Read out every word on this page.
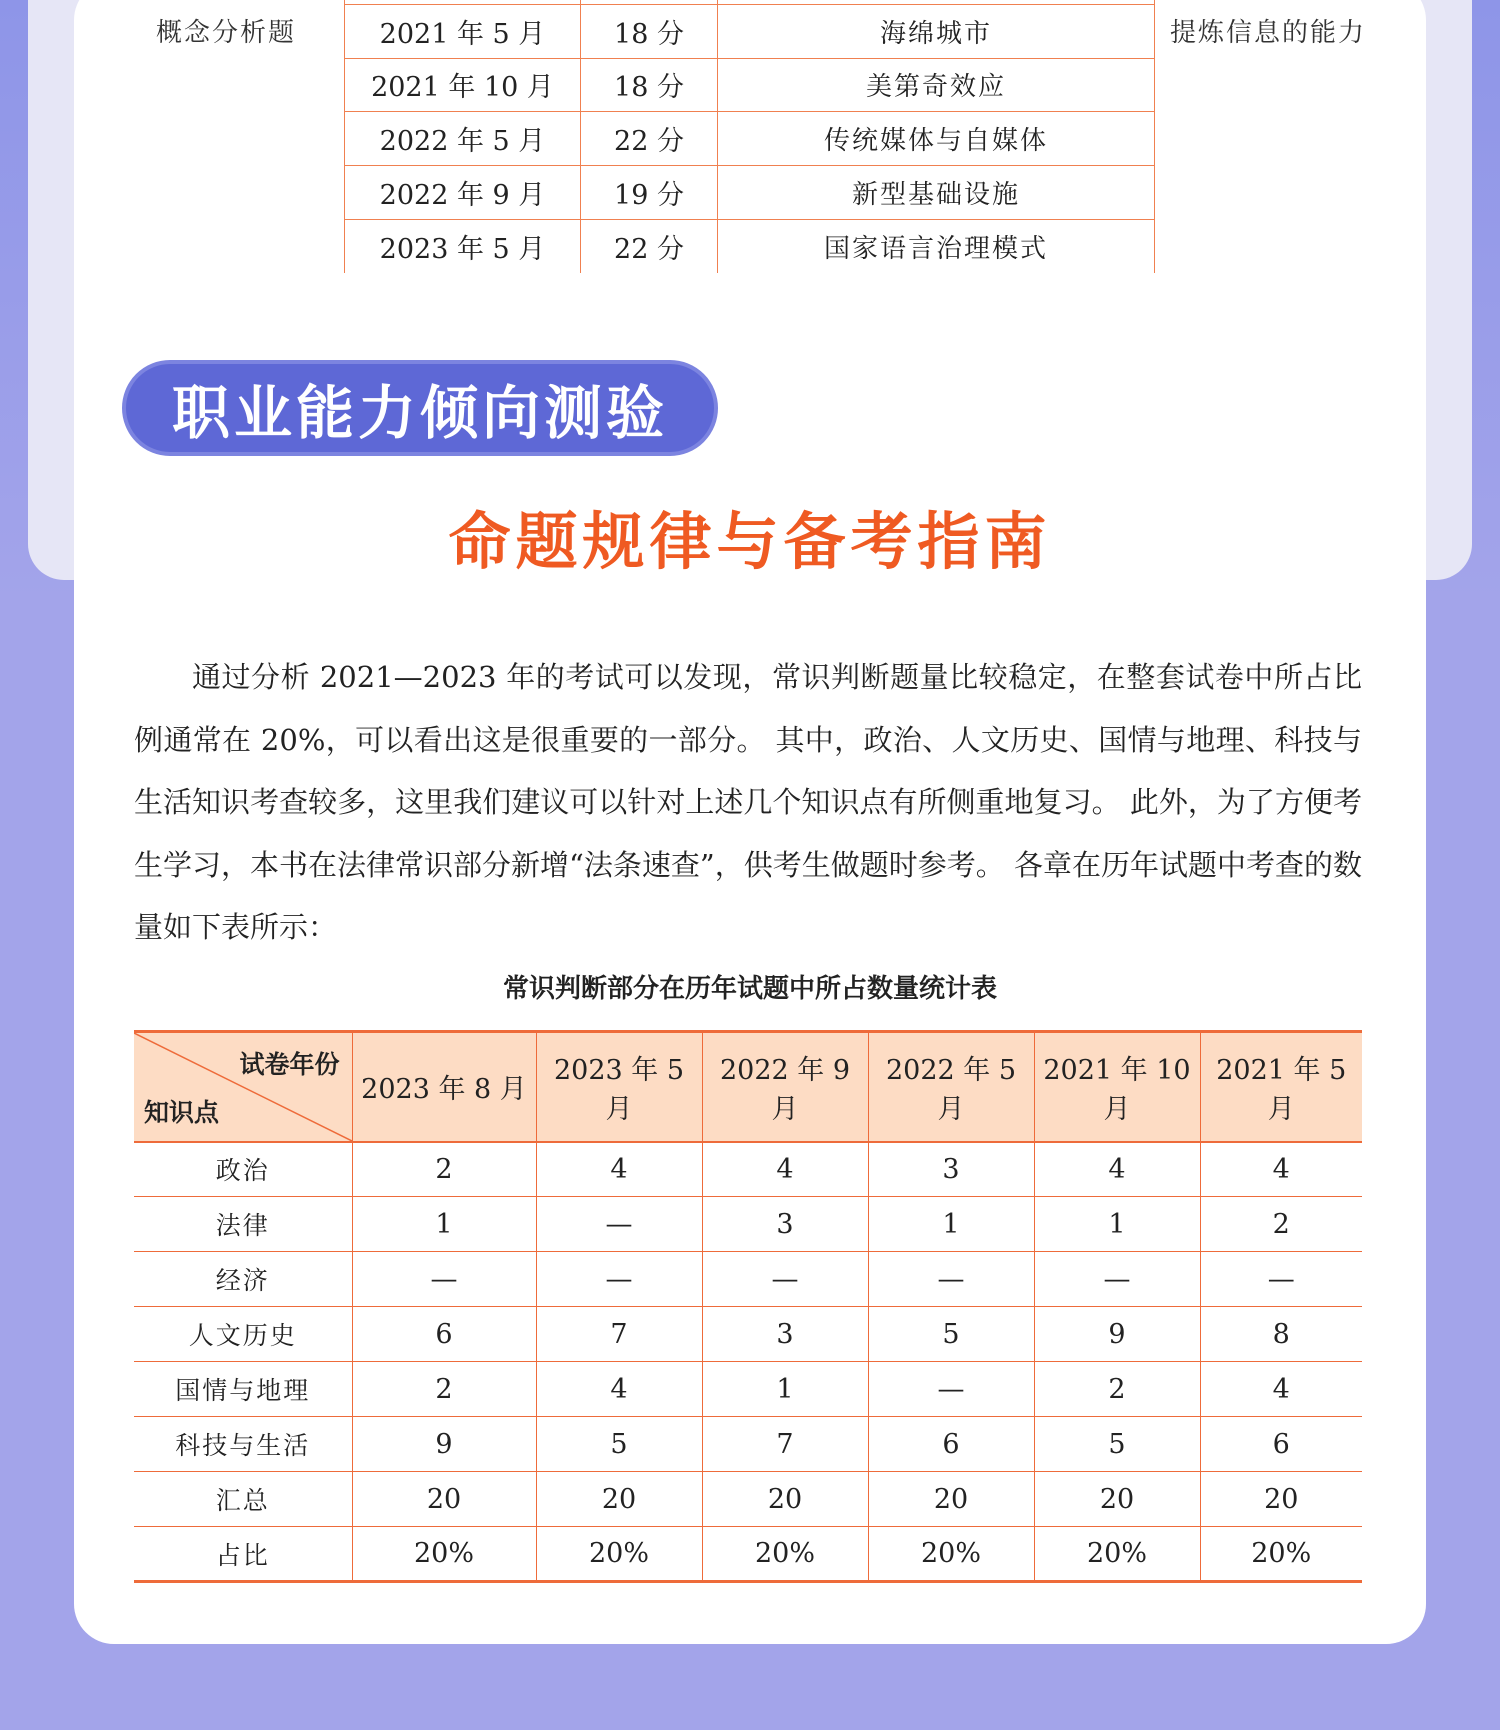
概念分析题	提炼信息的能力

2021 年 5 月	18 分	海绵城市
2021 年 10 月	18 分	美第奇效应
2022 年 5 月	22 分	传统媒体与自媒体
2022 年 9 月	19 分	新型基础设施
2023 年 5 月	22 分	国家语言治理模式
职业能力倾向测验
命题规律与备考指南

通过分析 2021—2023 年的考试可以发现，常识判断题量比较稳定，在整套试卷中所占比例通常在 20%，可以看出这是很重要的一部分。 其中，政治、人文历史、国情与地理、科技与生活知识考查较多，这里我们建议可以针对上述几个知识点有所侧重地复习。 此外，为了方便考生学习，本书在法律常识部分新增“法条速查”，供考生做题时参考。 各章在历年试题中考查的数量如下表所示：

常识判断部分在历年试题中所占数量统计表
试卷年份
知识点	2023 年 8 月	2023 年 5 月	2022 年 9 月	2022 年 5 月	2021 年 10 月	2021 年 5 月
政治	2	4	4	3	4	4
法律	1	—	3	1	1	2
经济	—	—	—	—	—	—
人文历史	6	7	3	5	9	8
国情与地理	2	4	1	—	2	4
科技与生活	9	5	7	6	5	6
汇总	20	20	20	20	20	20
占比	20%	20%	20%	20%	20%	20%
